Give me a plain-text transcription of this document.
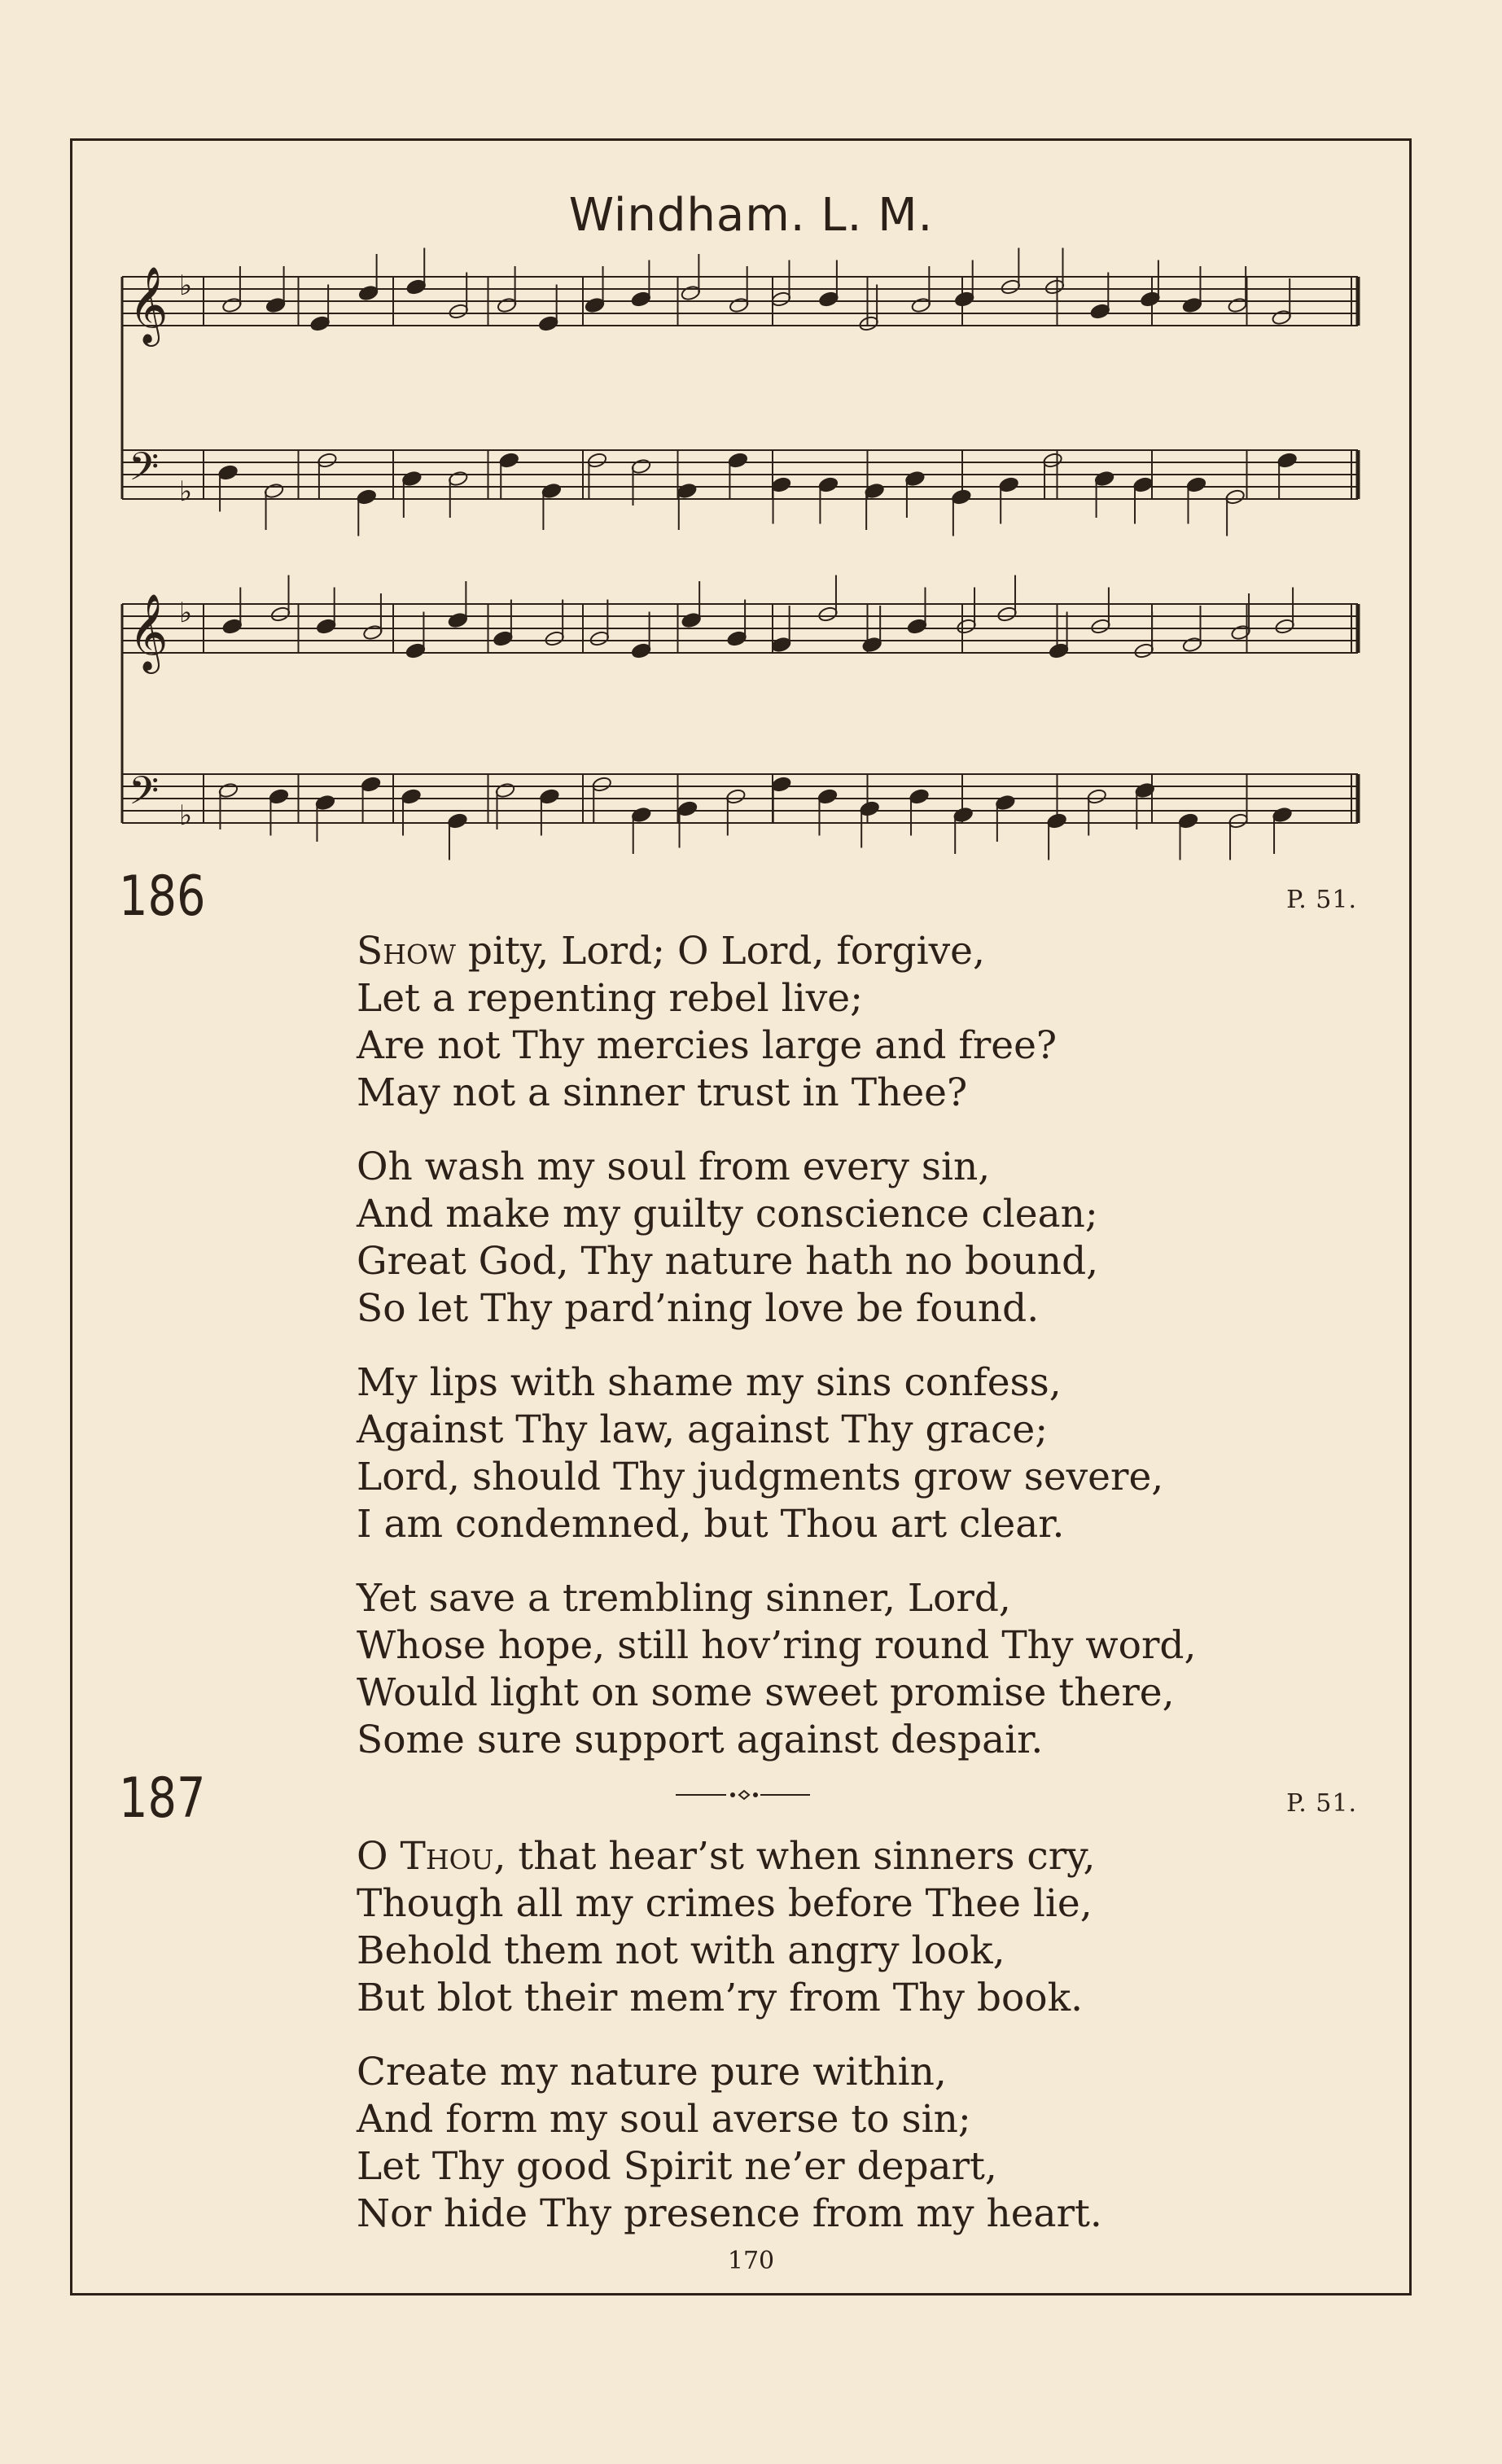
Windham. L. M.
𝄞 ♭
𝄢 ♭
𝄞 ♭
𝄢 ♭
186	P. 51.
Show pity, Lord; O Lord, forgive,
Let a repenting rebel live;
Are not Thy mercies large and free?
May not a sinner trust in Thee?
Oh wash my soul from every sin,
And make my guilty conscience clean;
Great God, Thy nature hath no bound,
So let Thy pard’ning love be found.
My lips with shame my sins confess,
Against Thy law, against Thy grace;
Lord, should Thy judgments grow severe,
I am condemned, but Thou art clear.
Yet save a trembling sinner, Lord,
Whose hope, still hov’ring round Thy word,
Would light on some sweet promise there,
Some sure support against despair.
187	P. 51.
O Thou, that hear’st when sinners cry,
Though all my crimes before Thee lie,
Behold them not with angry look,
But blot their mem’ry from Thy book.
Create my nature pure within,
And form my soul averse to sin;
Let Thy good Spirit ne’er depart,
Nor hide Thy presence from my heart.
170
